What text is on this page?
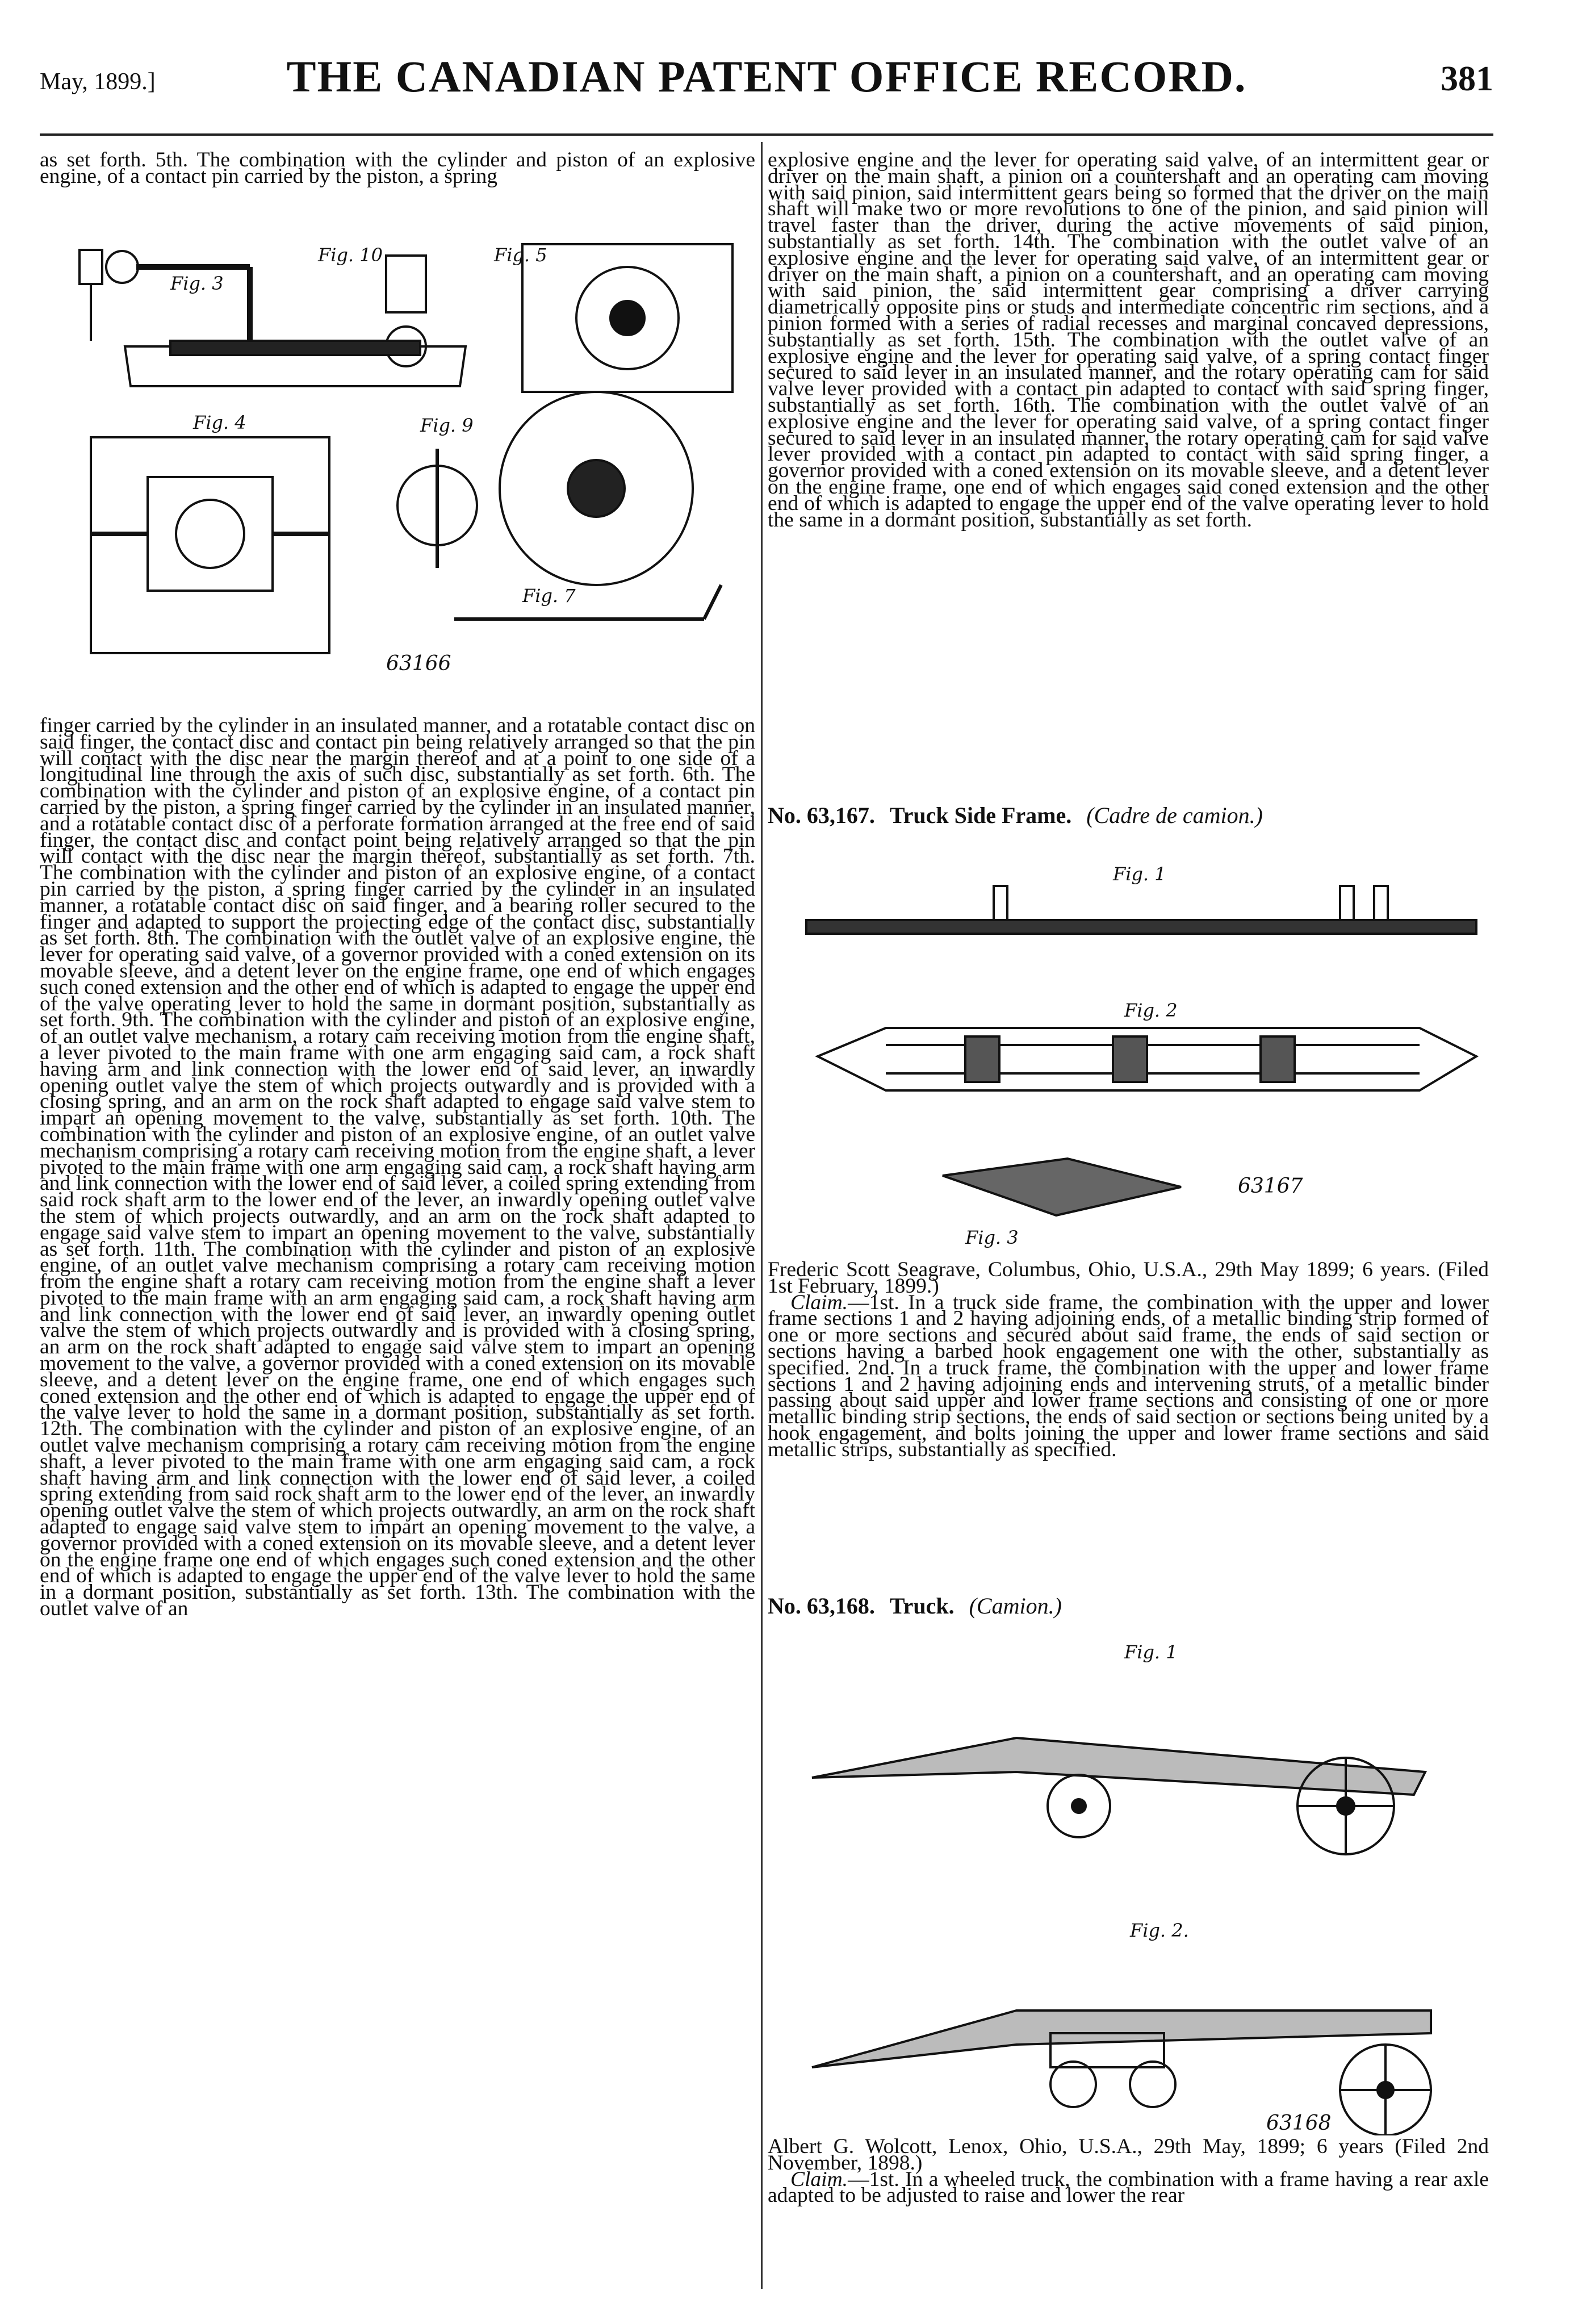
May, 1899.]	THE CANADIAN PATENT OFFICE RECORD.	381

as set forth. 5th. The combination with the cylinder and piston of an explosive engine, of a contact pin carried by the piston, a spring

Fig. 3
Fig. 10	Fig. 5
Fig. 4	Fig. 9
Fig. 7
63166

finger carried by the cylinder in an insulated manner, and a rotatable contact disc on said finger, the contact disc and contact pin being relatively arranged so that the pin will contact with the disc near the margin thereof and at a point to one side of a longitudinal line through the axis of such disc, substantially as set forth. 6th. The combination with the cylinder and piston of an explosive engine, of a contact pin carried by the piston, a spring finger carried by the cylinder in an insulated manner, and a rotatable contact disc of a perforate formation arranged at the free end of said finger, the contact disc and contact point being relatively arranged so that the pin will contact with the disc near the margin thereof, substantially as set forth. 7th. The combination with the cylinder and piston of an explosive engine, of a contact pin carried by the piston, a spring finger carried by the cylinder in an insulated manner, a rotatable contact disc on said finger, and a bearing roller secured to the finger and adapted to support the projecting edge of the contact disc, substantially as set forth. 8th. The combination with the outlet valve of an explosive engine, the lever for operating said valve, of a governor provided with a coned extension on its movable sleeve, and a detent lever on the engine frame, one end of which engages such coned extension and the other end of which is adapted to engage the upper end of the valve operating lever to hold the same in dormant position, substantially as set forth. 9th. The combination with the cylinder and piston of an explosive engine, of an outlet valve mechanism, a rotary cam receiving motion from the engine shaft, a lever pivoted to the main frame with one arm engaging said cam, a rock shaft having arm and link connection with the lower end of said lever, an inwardly opening outlet valve the stem of which projects outwardly and is provided with a closing spring, and an arm on the rock shaft adapted to engage said valve stem to impart an opening movement to the valve, substantially as set forth. 10th. The combination with the cylinder and piston of an explosive engine, of an outlet valve mechanism comprising a rotary cam receiving motion from the engine shaft, a lever pivoted to the main frame with one arm engaging said cam, a rock shaft having arm and link connection with the lower end of said lever, a coiled spring extending from said rock shaft arm to the lower end of the lever, an inwardly opening outlet valve the stem of which projects outwardly, and an arm on the rock shaft adapted to engage said valve stem to impart an opening movement to the valve, substantially as set forth. 11th. The combination with the cylinder and piston of an explosive engine, of an outlet valve mechanism comprising a rotary cam receiving motion from the engine shaft a rotary cam receiving motion from the engine shaft a lever pivoted to the main frame with an arm engaging said cam, a rock shaft having arm and link connection with the lower end of said lever, an inwardly opening outlet valve the stem of which projects outwardly and is provided with a closing spring, an arm on the rock shaft adapted to engage said valve stem to impart an opening movement to the valve, a governor provided with a coned extension on its movable sleeve, and a detent lever on the engine frame, one end of which engages such coned extension and the other end of which is adapted to engage the upper end of the valve lever to hold the same in a dormant position, substantially as set forth. 12th. The combination with the cylinder and piston of an explosive engine, of an outlet valve mechanism comprising a rotary cam receiving motion from the engine shaft, a lever pivoted to the main frame with one arm engaging said cam, a rock shaft having arm and link connection with the lower end of said lever, a coiled spring extending from said rock shaft arm to the lower end of the lever, an inwardly opening outlet valve the stem of which projects outwardly, an arm on the rock shaft adapted to engage said valve stem to impart an opening movement to the valve, a governor provided with a coned extension on its movable sleeve, and a detent lever on the engine frame one end of which engages such coned extension and the other end of which is adapted to engage the upper end of the valve lever to hold the same in a dormant position, substantially as set forth. 13th. The combination with the outlet valve of an

explosive engine and the lever for operating said valve, of an intermittent gear or driver on the main shaft, a pinion on a countershaft and an operating cam moving with said pinion, said intermittent gears being so formed that the driver on the main shaft will make two or more revolutions to one of the pinion, and said pinion will travel faster than the driver, during the active movements of said pinion, substantially as set forth. 14th. The combination with the outlet valve of an explosive engine and the lever for operating said valve, of an intermittent gear or driver on the main shaft, a pinion on a countershaft, and an operating cam moving with said pinion, the said intermittent gear comprising a driver carrying diametrically opposite pins or studs and intermediate concentric rim sections, and a pinion formed with a series of radial recesses and marginal concaved depressions, substantially as set forth. 15th. The combination with the outlet valve of an explosive engine and the lever for operating said valve, of a spring contact finger secured to said lever in an insulated manner, and the rotary operating cam for said valve lever provided with a contact pin adapted to contact with said spring finger, substantially as set forth. 16th. The combination with the outlet valve of an explosive engine and the lever for operating said valve, of a spring contact finger secured to said lever in an insulated manner, the rotary operating cam for said valve lever provided with a contact pin adapted to contact with said spring finger, a governor provided with a coned extension on its movable sleeve, and a detent lever on the engine frame, one end of which engages said coned extension and the other end of which is adapted to engage the upper end of the valve operating lever to hold the same in a dormant position, substantially as set forth.

No. 63,167. Truck Side Frame. (Cadre de camion.)
Fig. 1
Fig. 2
Fig. 3
63167

Frederic Scott Seagrave, Columbus, Ohio, U.S.A., 29th May 1899; 6 years. (Filed 1st February, 1899.)

Claim.—1st. In a truck side frame, the combination with the upper and lower frame sections 1 and 2 having adjoining ends, of a metallic binding strip formed of one or more sections and secured about said frame, the ends of said section or sections having a barbed hook engagement one with the other, substantially as specified. 2nd. In a truck frame, the combination with the upper and lower frame sections 1 and 2 having adjoining ends and intervening struts, of a metallic binder passing about said upper and lower frame sections and consisting of one or more metallic binding strip sections, the ends of said section or sections being united by a hook engagement, and bolts joining the upper and lower frame sections and said metallic strips, substantially as specified.

No. 63,168. Truck. (Camion.)
Fig. 1
Fig. 2.
63168

Albert G. Wolcott, Lenox, Ohio, U.S.A., 29th May, 1899; 6 years (Filed 2nd November, 1898.)

Claim.—1st. In a wheeled truck, the combination with a frame having a rear axle adapted to be adjusted to raise and lower the rear
